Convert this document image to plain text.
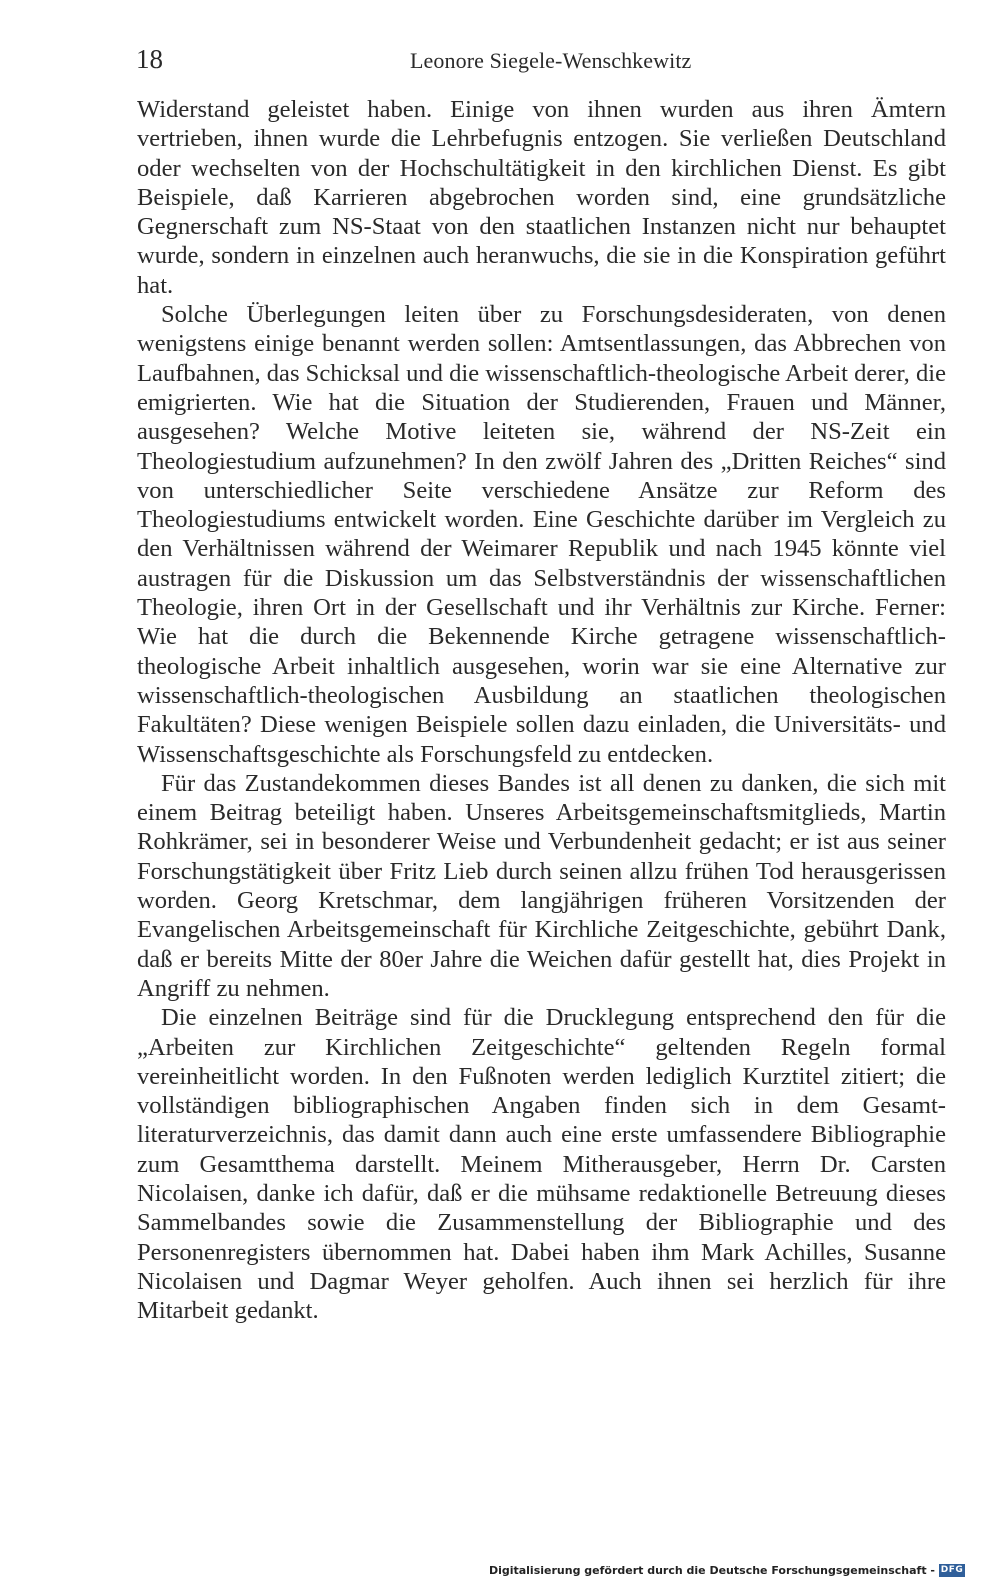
18	Leonore Siegele-Wenschkewitz

Widerstand geleistet haben. Einige von ihnen wurden aus ihren Ämtern vertrieben, ihnen wurde die Lehrbefugnis entzogen. Sie verließen Deutschland oder wechselten von der Hochschultätigkeit in den kirchlichen Dienst. Es gibt Beispiele, daß Karrieren abgebrochen worden sind, eine grundsätzliche Gegnerschaft zum NS-Staat von den staatlichen Instanzen nicht nur behauptet wurde, sondern in einzelnen auch heranwuchs, die sie in die Konspiration geführt hat.

Solche Überlegungen leiten über zu Forschungsdesideraten, von denen wenigstens einige benannt werden sollen: Amtsentlassungen, das Abbrechen von Laufbahnen, das Schicksal und die wissenschaftlich-theologische Arbeit derer, die emigrierten. Wie hat die Situation der Studierenden, Frauen und Männer, ausgesehen? Welche Motive leiteten sie, während der NS-Zeit ein Theologiestudium aufzunehmen? In den zwölf Jahren des „Dritten Reiches“ sind von unterschiedlicher Seite verschiedene Ansätze zur Reform des Theologiestudiums entwickelt worden. Eine Geschichte darüber im Vergleich zu den Verhältnissen während der Weimarer Republik und nach 1945 könnte viel austragen für die Diskussion um das Selbstverständnis der wissenschaftlichen Theologie, ihren Ort in der Gesellschaft und ihr Verhältnis zur Kirche. Ferner: Wie hat die durch die Bekennende Kirche getragene wissenschaftlich-theologische Arbeit inhaltlich ausgesehen, worin war sie eine Alternative zur wissenschaftlich-theologischen Ausbildung an staatlichen theologischen Fakultäten? Diese wenigen Beispiele sollen dazu einladen, die Universitäts- und Wissenschaftsgeschichte als Forschungsfeld zu entdecken.

Für das Zustandekommen dieses Bandes ist all denen zu danken, die sich mit einem Beitrag beteiligt haben. Unseres Arbeitsgemeinschaftsmitglieds, Martin Rohkrämer, sei in besonderer Weise und Verbundenheit gedacht; er ist aus seiner Forschungstätigkeit über Fritz Lieb durch seinen allzu frühen Tod herausgerissen worden. Georg Kretschmar, dem langjährigen früheren Vorsitzenden der Evangelischen Arbeitsgemeinschaft für Kirchliche Zeitgeschichte, gebührt Dank, daß er bereits Mitte der 80er Jahre die Weichen dafür gestellt hat, dies Projekt in Angriff zu nehmen.

Die einzelnen Beiträge sind für die Drucklegung entsprechend den für die „Arbeiten zur Kirchlichen Zeitgeschichte“ geltenden Regeln formal vereinheitlicht worden. In den Fußnoten werden lediglich Kurztitel zitiert; die vollständigen bibliographischen Angaben finden sich in dem Gesamtliteraturverzeichnis, das damit dann auch eine erste umfassendere Bibliographie zum Gesamtthema darstellt. Meinem Mitherausgeber, Herrn Dr. Carsten Nicolaisen, danke ich dafür, daß er die mühsame redaktionelle Betreuung dieses Sammelbandes sowie die Zusammenstellung der Bibliographie und des Personenregisters übernommen hat. Dabei haben ihm Mark Achilles, Susanne Nicolaisen und Dagmar Weyer geholfen. Auch ihnen sei herzlich für ihre Mitarbeit gedankt.

Digitalisierung gefördert durch die Deutsche Forschungsgemeinschaft - DFG
